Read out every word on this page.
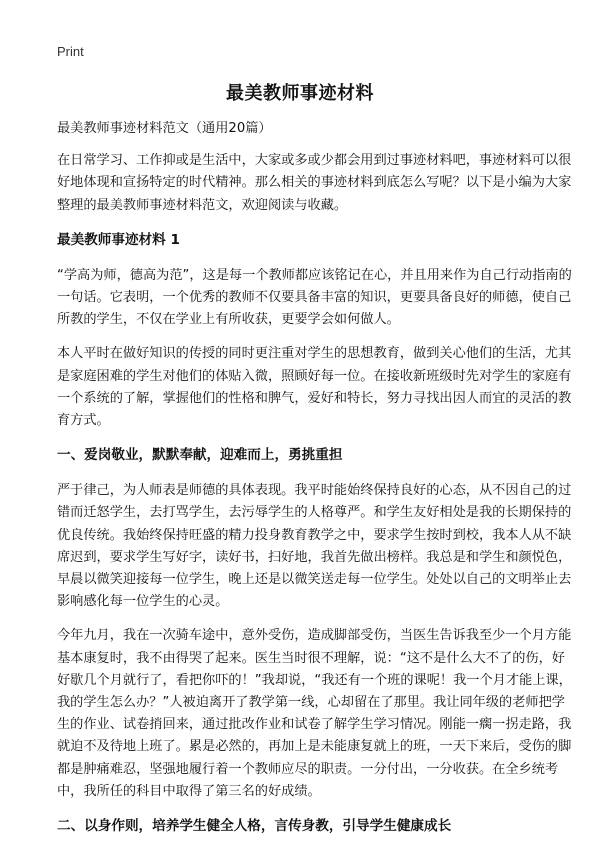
Print
最美教师事迹材料

最美教师事迹材料范文（通用20篇）

在日常学习、工作抑或是生活中，大家或多或少都会用到过事迹材料吧，事迹材料可以很好地体现和宣扬特定的时代精神。那么相关的事迹材料到底怎么写呢？以下是小编为大家整理的最美教师事迹材料范文，欢迎阅读与收藏。

最美教师事迹材料 1

“学高为师，德高为范”，这是每一个教师都应该铭记在心，并且用来作为自己行动指南的一句话。它表明，一个优秀的教师不仅要具备丰富的知识，更要具备良好的师德，使自己所教的学生，不仅在学业上有所收获，更要学会如何做人。

本人平时在做好知识的传授的同时更注重对学生的思想教育，做到关心他们的生活，尤其是家庭困难的学生对他们的体贴入微，照顾好每一位。在接收新班级时先对学生的家庭有一个系统的了解，掌握他们的性格和脾气，爱好和特长，努力寻找出因人而宜的灵活的教育方式。

一、爱岗敬业，默默奉献，迎难而上，勇挑重担

严于律己，为人师表是师德的具体表现。我平时能始终保持良好的心态，从不因自己的过错而迁怒学生，去打骂学生，去污辱学生的人格尊严。和学生友好相处是我的长期保持的优良传统。我始终保持旺盛的精力投身教育教学之中，要求学生按时到校，我本人从不缺席迟到，要求学生写好字，读好书，扫好地，我首先做出榜样。我总是和学生和颜悦色，早晨以微笑迎接每一位学生，晚上还是以微笑送走每一位学生。处处以自己的文明举止去影响感化每一位学生的心灵。

今年九月，我在一次骑车途中，意外受伤，造成脚部受伤，当医生告诉我至少一个月方能基本康复时，我不由得哭了起来。医生当时很不理解，说：“这不是什么大不了的伤，好好歇几个月就行了，看把你吓的！”我却说，“我还有一个班的课呢！我一个月才能上课，我的学生怎么办？”人被迫离开了教学第一线，心却留在了那里。我让同年级的老师把学生的作业、试卷捎回来，通过批改作业和试卷了解学生学习情况。刚能一瘸一拐走路，我就迫不及待地上班了。累是必然的，再加上是未能康复就上的班，一天下来后，受伤的脚都是肿痛难忍，坚强地履行着一个教师应尽的职责。一分付出，一分收获。在全乡统考中，我所任的科目中取得了第三名的好成绩。

二、以身作则，培养学生健全人格，言传身教，引导学生健康成长
